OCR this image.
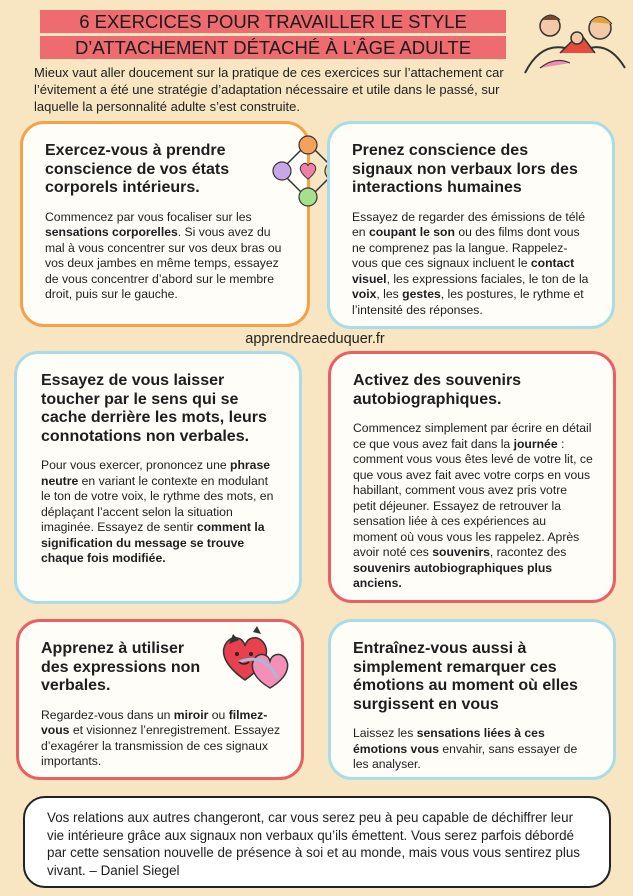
6 EXERCICES POUR TRAVAILLER LE STYLE
D’ATTACHEMENT DÉTACHÉ À L’ÂGE ADULTE
Mieux vaut aller doucement sur la pratique de ces exercices sur l’attachement car l’évitement a été une stratégie d’adaptation nécessaire et utile dans le passé, sur laquelle la personnalité adulte s’est construite.
Exercez-vous à prendre conscience de vos états corporels intérieurs.

Commencez par vous focaliser sur les sensations corporelles. Si vous avez du mal à vous concentrer sur vos deux bras ou vos deux jambes en même temps, essayez de vous concentrer d’abord sur le membre droit, puis sur le gauche.

Prenez conscience des signaux non verbaux lors des interactions humaines

Essayez de regarder des émissions de télé en coupant le son ou des films dont vous ne comprenez pas la langue. Rappelez-vous que ces signaux incluent le contact visuel, les expressions faciales, le ton de la voix, les gestes, les postures, le rythme et l’intensité des réponses.

apprendreaeduquer.fr
Essayez de vous laisser toucher par le sens qui se cache derrière les mots, leurs connotations non verbales.

Pour vous exercer, prononcez une phrase neutre en variant le contexte en modulant le ton de votre voix, le rythme des mots, en déplaçant l’accent selon la situation imaginée. Essayez de sentir comment la signification du message se trouve chaque fois modifiée.

Activez des souvenirs autobiographiques.

Commencez simplement par écrire en détail ce que vous avez fait dans la journée : comment vous vous êtes levé de votre lit, ce que vous avez fait avec votre corps en vous habillant, comment vous avez pris votre petit déjeuner. Essayez de retrouver la sensation liée à ces expériences au moment où vous vous les rappelez. Après avoir noté ces souvenirs, racontez des souvenirs autobiographiques plus anciens.

Apprenez à utiliser des expressions non verbales.

Regardez-vous dans un miroir ou filmez-vous et visionnez l’enregistrement. Essayez d’exagérer la transmission de ces signaux importants.

Entraînez-vous aussi à simplement remarquer ces émotions au moment où elles surgissent en vous

Laissez les sensations liées à ces émotions vous envahir, sans essayer de les analyser.

Vos relations aux autres changeront, car vous serez peu à peu capable de déchiffrer leur vie intérieure grâce aux signaux non verbaux qu’ils émettent. Vous serez parfois débordé par cette sensation nouvelle de présence à soi et au monde, mais vous vous sentirez plus vivant. – Daniel Siegel
